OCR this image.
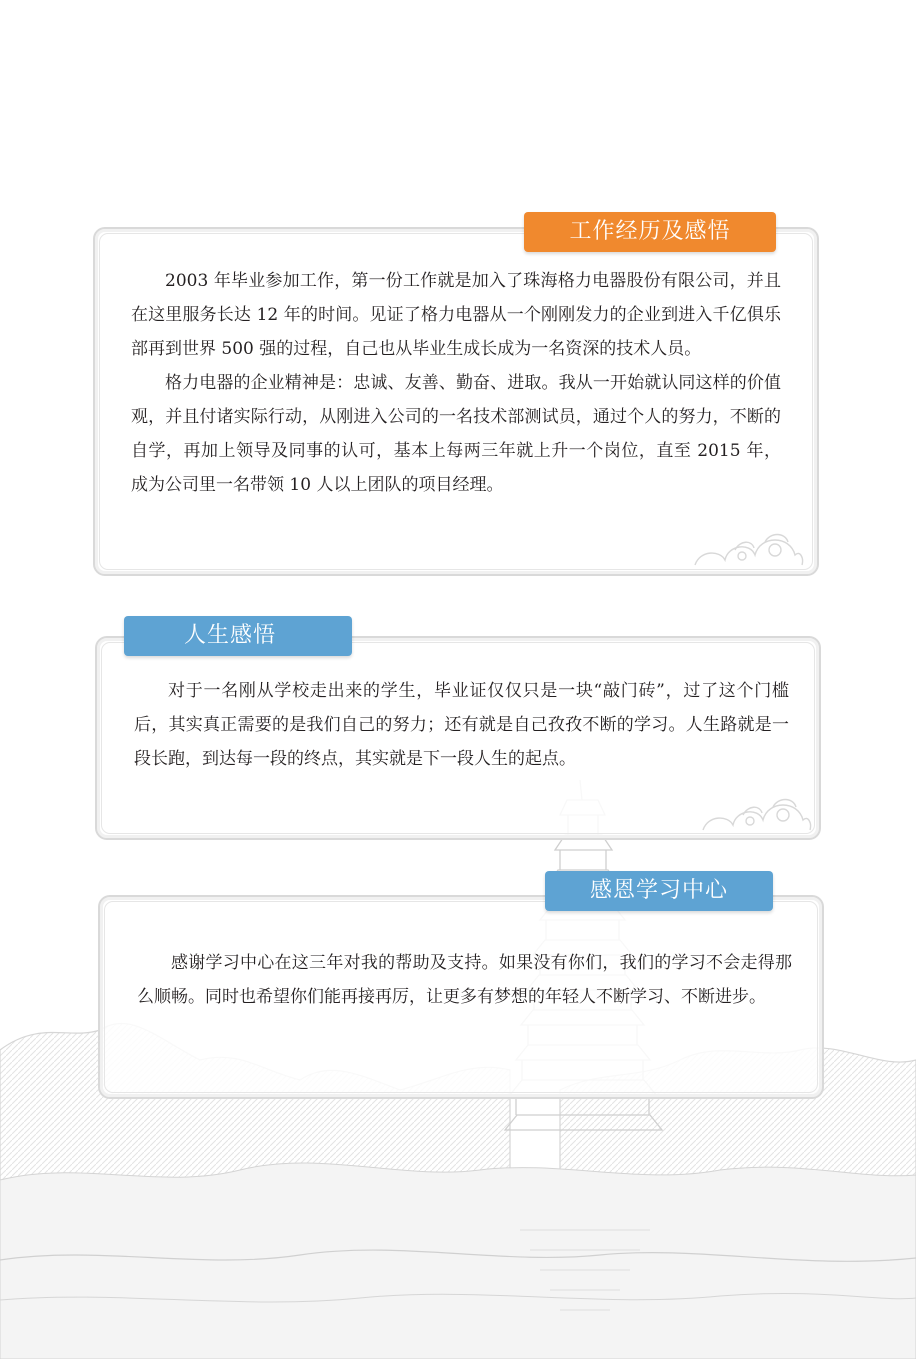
工作经历及感悟

2003 年毕业参加工作，第一份工作就是加入了珠海格力电器股份有限公司，并且在这里服务长达 12 年的时间。见证了格力电器从一个刚刚发力的企业到进入千亿俱乐部再到世界 500 强的过程，自己也从毕业生成长成为一名资深的技术人员。

格力电器的企业精神是：忠诚、友善、勤奋、进取。我从一开始就认同这样的价值观，并且付诸实际行动，从刚进入公司的一名技术部测试员，通过个人的努力，不断的自学，再加上领导及同事的认可，基本上每两三年就上升一个岗位，直至 2015 年， 成为公司里一名带领 10 人以上团队的项目经理。

人生感悟

对于一名刚从学校走出来的学生，毕业证仅仅只是一块“敲门砖”，过了这个门槛后，其实真正需要的是我们自己的努力；还有就是自己孜孜不断的学习。人生路就是一段长跑，到达每一段的终点，其实就是下一段人生的起点。

感恩学习中心

感谢学习中心在这三年对我的帮助及支持。如果没有你们，我们的学习不会走得那么顺畅。同时也希望你们能再接再厉，让更多有梦想的年轻人不断学习、不断进步。
